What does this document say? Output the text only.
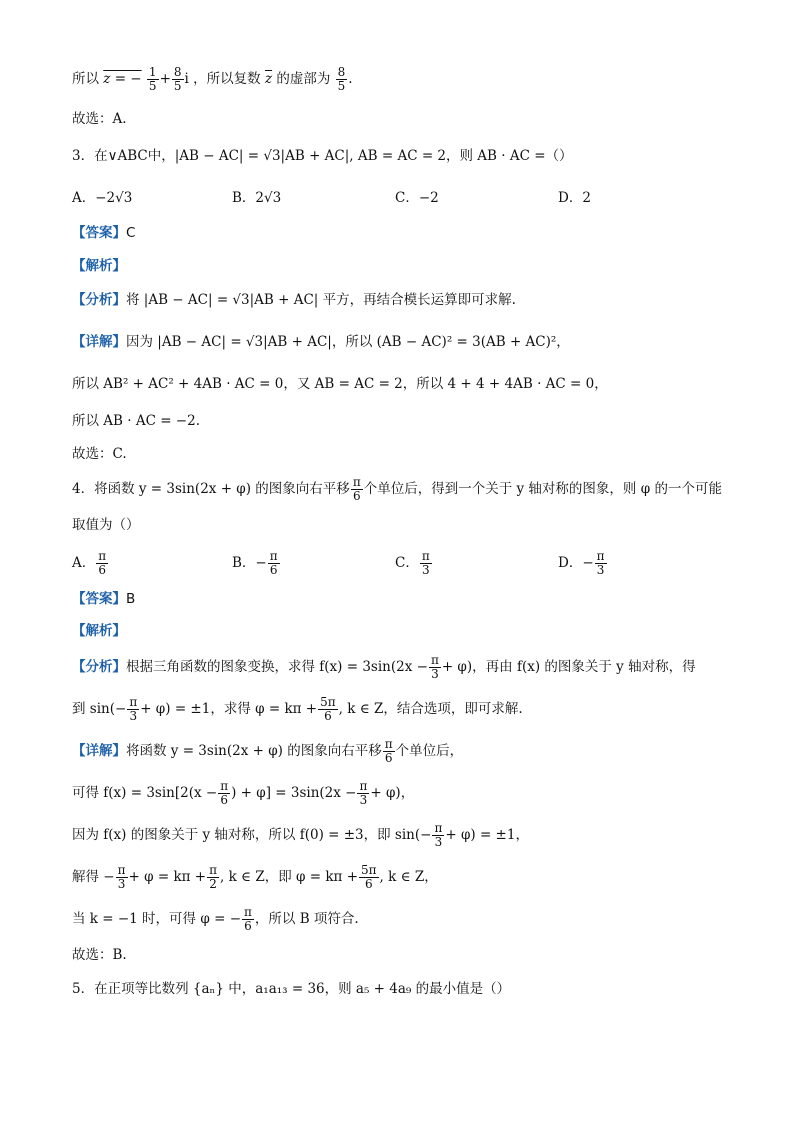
所以 z = − $\frac{1}{5} + \frac{8}{5}$ i ，所以复数 $\overline{z}$ 的虚部为 $\frac{8}{5}$ .
故选：A.
3．在∨ABC中，|AB − AC| = √3|AB + AC|, AB = AC = 2，则 AB · AC =（）
A．−2√3	B．2√3	C．−2	D．2
【答案】C
【解析】
【分析】将 |AB − AC| = √3|AB + AC| 平方，再结合模长运算即可求解.
【详解】因为 |AB − AC| = √3|AB + AC|，所以 (AB − AC)² = 3(AB + AC)²，
所以 AB² + AC² + 4AB · AC = 0，又 AB = AC = 2，所以 4 + 4 + 4AB · AC = 0，
所以 AB · AC = −2.
故选：C.
4．将函数 y = 3sin(2x + φ) 的图象向右平移 $\frac{\pi}{6}$ 个单位后，得到一个关于 y 轴对称的图象，则 φ 的一个可能
取值为（）
A． $\frac{\pi}{6}$	B．− $\frac{\pi}{6}$	C． $\frac{\pi}{3}$	D．− $\frac{\pi}{3}$
【答案】B
【解析】
【分析】根据三角函数的图象变换，求得 $f(x) = 3\sin(2x - \frac{\pi}{3} + \varphi)$，再由 f(x) 的图象关于 y 轴对称，得
到 $\sin(- \frac{\pi}{3} + \varphi) = \pm 1$，求得 $\varphi = k\pi + \frac{5\pi}{6}$ , k ∈ Z，结合选项，即可求解.
【详解】将函数 y = 3sin(2x + φ) 的图象向右平移 $\frac{\pi}{6}$ 个单位后，
可得 $f(x) = 3\sin[2(x - \frac{\pi}{6}$ ) + $\varphi] = 3\sin(2x - \frac{\pi}{3} + \varphi)$，
因为 f(x) 的图象关于 y 轴对称，所以 f(0) = ±3，即 $\sin(- \frac{\pi}{3} + \varphi) = \pm 1$，
解得 − $\frac{\pi}{3} + \varphi = k\pi + \frac{\pi}{2}$ , k ∈ Z，即 $\varphi = k\pi + \frac{5\pi}{6}$ , k ∈ Z，
当 k = −1 时，可得 φ = − $\frac{\pi}{6}$ ，所以 B 项符合.
故选：B.
5．在正项等比数列 {aₙ} 中，a₁a₁₃ = 36，则 a₅ + 4a₉ 的最小值是（）
